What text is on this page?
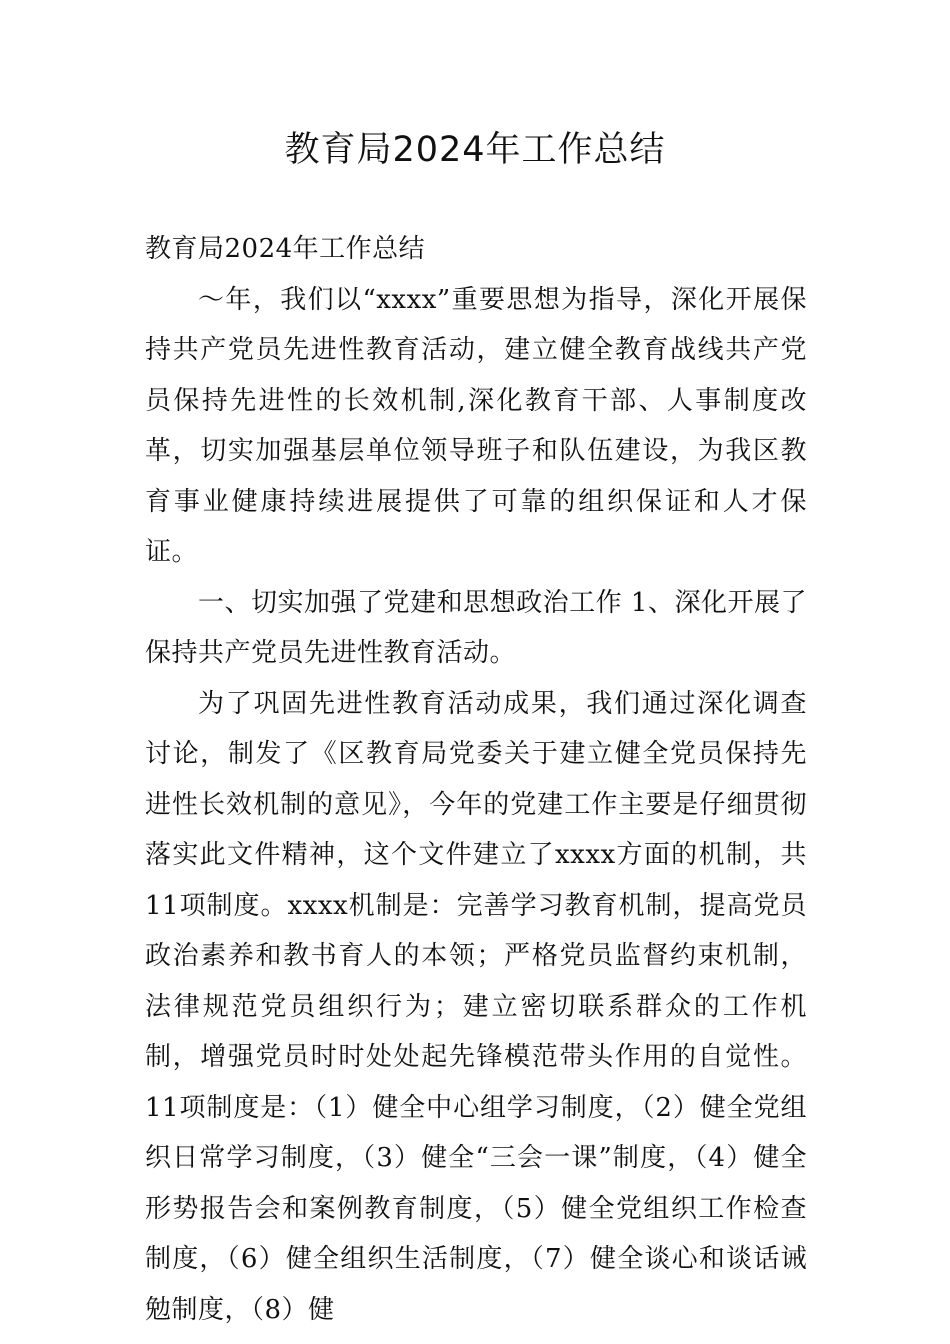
教育局2024年工作总结

教育局2024年工作总结

～年，我们以“xxxx”重要思想为指导，深化开展保持共产党员先进性教育活动，建立健全教育战线共产党员保持先进性的长效机制,深化教育干部、人事制度改革，切实加强基层单位领导班子和队伍建设，为我区教育事业健康持续进展提供了可靠的组织保证和人才保证。

一、切实加强了党建和思想政治工作 1、深化开展了保持共产党员先进性教育活动。

为了巩固先进性教育活动成果，我们通过深化调查讨论，制发了《区教育局党委关于建立健全党员保持先进性长效机制的意见》，今年的党建工作主要是仔细贯彻落实此文件精神，这个文件建立了xxxx方面的机制，共11项制度。xxxx机制是：完善学习教育机制，提高党员政治素养和教书育人的本领；严格党员监督约束机制，法律规范党员组织行为；建立密切联系群众的工作机制，增强党员时时处处起先锋模范带头作用的自觉性。11项制度是：（1）健全中心组学习制度，（2）健全党组织日常学习制度，（3）健全“三会一课”制度，（4）健全形势报告会和案例教育制度，（5）健全党组织工作检查制度，（6）健全组织生活制度，（7）健全谈心和谈话诫勉制度，（8）健
